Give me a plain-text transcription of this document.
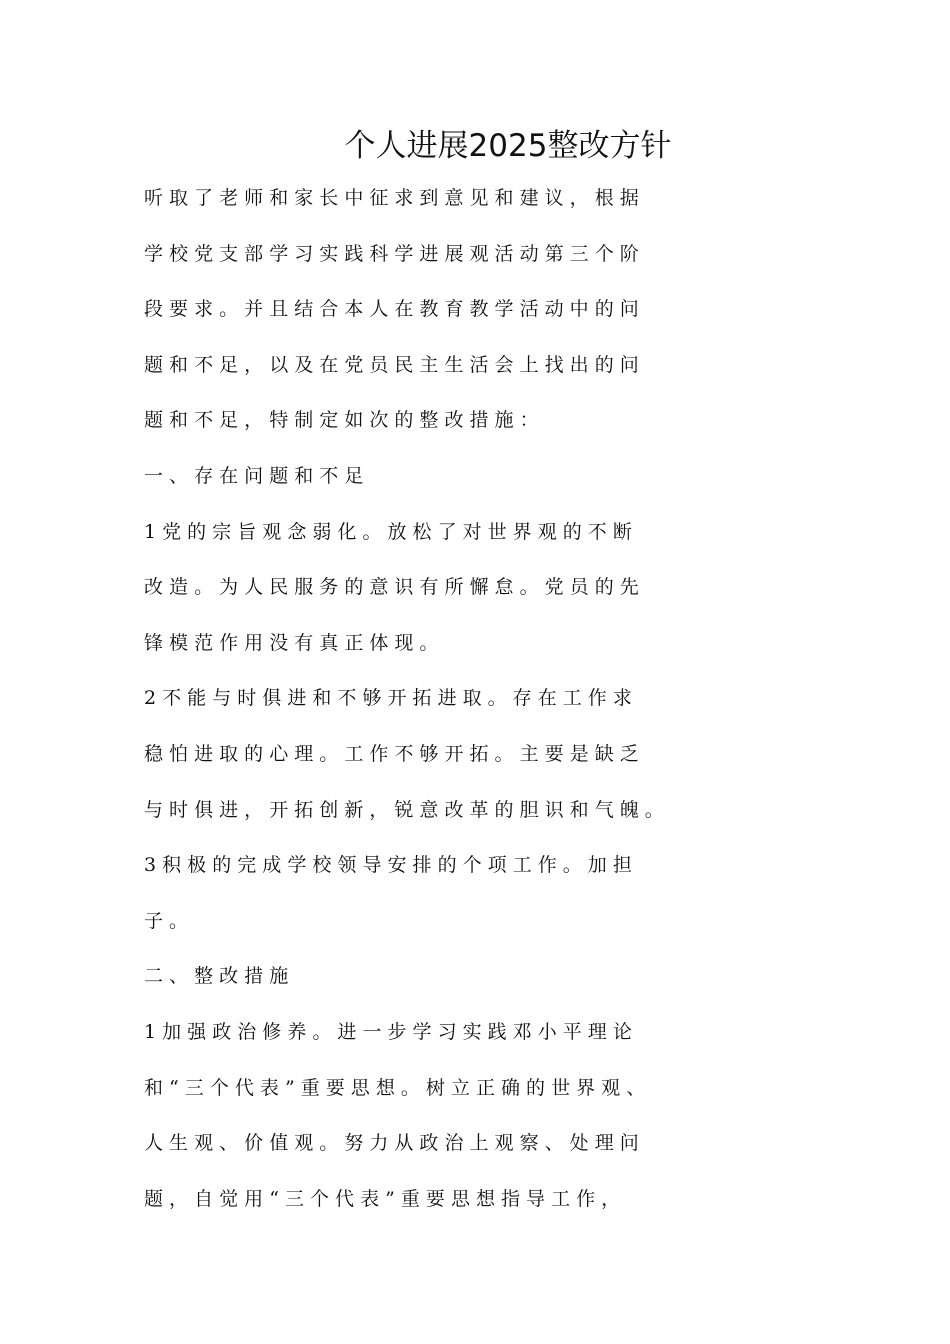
个人进展2025整改方针
听 取 了 老 师 和 家 长 中 征 求 到 意 见 和 建 议 ， 根 据
学 校 党 支 部 学 习 实 践 科 学 进 展 观 活 动 第 三 个 阶
段 要 求 。 并 且 结 合 本 人 在 教 育 教 学 活 动 中 的 问
题 和 不 足 ， 以 及 在 党 员 民 主 生 活 会 上 找 出 的 问
题 和 不 足 ， 特 制 定 如 次 的 整 改 措 施 ：
一 、 存 在 问 题 和 不 足
1 党 的 宗 旨 观 念 弱 化 。 放 松 了 对 世 界 观 的 不 断
改 造 。 为 人 民 服 务 的 意 识 有 所 懈 怠 。 党 员 的 先
锋 模 范 作 用 没 有 真 正 体 现 。
2 不 能 与 时 俱 进 和 不 够 开 拓 进 取 。 存 在 工 作 求
稳 怕 进 取 的 心 理 。 工 作 不 够 开 拓 。 主 要 是 缺 乏
与 时 俱 进 ， 开 拓 创 新 ， 锐 意 改 革 的 胆 识 和 气 魄 。
3 积 极 的 完 成 学 校 领 导 安 排 的 个 项 工 作 。 加 担
子 。
二 、 整 改 措 施
1 加 强 政 治 修 养 。 进 一 步 学 习 实 践 邓 小 平 理 论
和 “ 三 个 代 表 ” 重 要 思 想 。 树 立 正 确 的 世 界 观 、
人 生 观 、 价 值 观 。 努 力 从 政 治 上 观 察 、 处 理 问
题 ， 自 觉 用 “ 三 个 代 表 ” 重 要 思 想 指 导 工 作 ，
